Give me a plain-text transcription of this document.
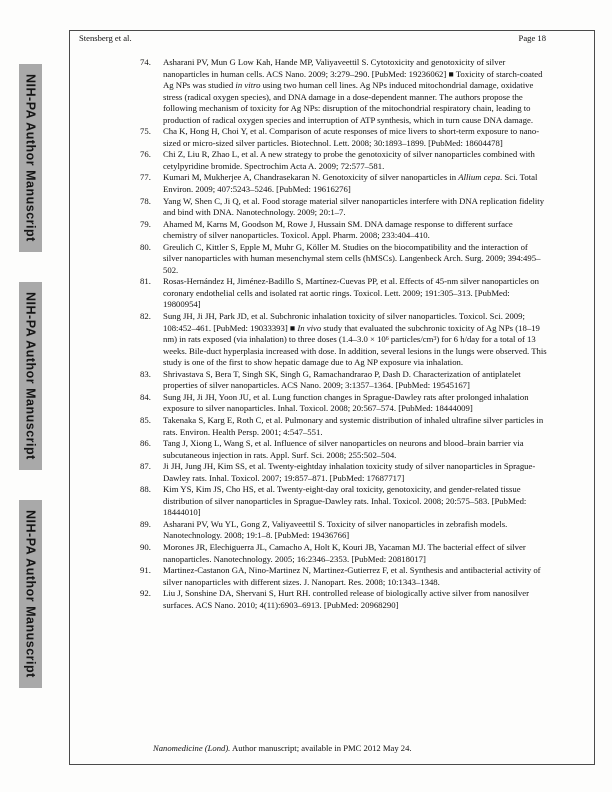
NIH-PA Author Manuscript
NIH-PA Author Manuscript
NIH-PA Author Manuscript
Stensberg et al.	Page 18
74. Asharani PV, Mun G Low Kah, Hande MP, Valiyaveettil S. Cytotoxicity and genotoxicity of silver nanoparticles in human cells. ACS Nano. 2009; 3:279–290. [PubMed: 19236062] ■ Toxicity of starch-coated Ag NPs was studied in vitro using two human cell lines. Ag NPs induced mitochondrial damage, oxidative stress (radical oxygen species), and DNA damage in a dose-dependent manner. The authors propose the following mechanism of toxicity for Ag NPs: disruption of the mitochondrial respiratory chain, leading to production of radical oxygen species and interruption of ATP synthesis, which in turn cause DNA damage.
75. Cha K, Hong H, Choi Y, et al. Comparison of acute responses of mice livers to short-term exposure to nano-sized or micro-sized silver particles. Biotechnol. Lett. 2008; 30:1893–1899. [PubMed: 18604478]
76. Chi Z, Liu R, Zhao L, et al. A new strategy to probe the genotoxicity of silver nanoparticles combined with cetylpyridine bromide. Spectrochim Acta A. 2009; 72:577–581.
77. Kumari M, Mukherjee A, Chandrasekaran N. Genotoxicity of silver nanoparticles in Allium cepa. Sci. Total Environ. 2009; 407:5243–5246. [PubMed: 19616276]
78. Yang W, Shen C, Ji Q, et al. Food storage material silver nanoparticles interfere with DNA replication fidelity and bind with DNA. Nanotechnology. 2009; 20:1–7.
79. Ahamed M, Karns M, Goodson M, Rowe J, Hussain SM. DNA damage response to different surface chemistry of silver nanoparticles. Toxicol. Appl. Pharm. 2008; 233:404–410.
80. Greulich C, Kittler S, Epple M, Muhr G, Köller M. Studies on the biocompatibility and the interaction of silver nanoparticles with human mesenchymal stem cells (hMSCs). Langenbeck Arch. Surg. 2009; 394:495–502.
81. Rosas-Hernández H, Jiménez-Badillo S, Martínez-Cuevas PP, et al. Effects of 45-nm silver nanoparticles on coronary endothelial cells and isolated rat aortic rings. Toxicol. Lett. 2009; 191:305–313. [PubMed: 19800954]
82. Sung JH, Ji JH, Park JD, et al. Subchronic inhalation toxicity of silver nanoparticles. Toxicol. Sci. 2009; 108:452–461. [PubMed: 19033393] ■ In vivo study that evaluated the subchronic toxicity of Ag NPs (18–19 nm) in rats exposed (via inhalation) to three doses ($1.4-3.0 \times 10^6$ particles/$cm^3$) for 6 h/day for a total of 13 weeks. Bile-duct hyperplasia increased with dose. In addition, several lesions in the lungs were observed. This study is one of the first to show hepatic damage due to Ag NP exposure via inhalation.
83. Shrivastava S, Bera T, Singh SK, Singh G, Ramachandrarao P, Dash D. Characterization of antiplatelet properties of silver nanoparticles. ACS Nano. 2009; 3:1357–1364. [PubMed: 19545167]
84. Sung JH, Ji JH, Yoon JU, et al. Lung function changes in Sprague-Dawley rats after prolonged inhalation exposure to silver nanoparticles. Inhal. Toxicol. 2008; 20:567–574. [PubMed: 18444009]
85. Takenaka S, Karg E, Roth C, et al. Pulmonary and systemic distribution of inhaled ultrafine silver particles in rats. Environ. Health Persp. 2001; 4:547–551.
86. Tang J, Xiong L, Wang S, et al. Influence of silver nanoparticles on neurons and blood–brain barrier via subcutaneous injection in rats. Appl. Surf. Sci. 2008; 255:502–504.
87. Ji JH, Jung JH, Kim SS, et al. Twenty-eightday inhalation toxicity study of silver nanoparticles in Sprague-Dawley rats. Inhal. Toxicol. 2007; 19:857–871. [PubMed: 17687717]
88. Kim YS, Kim JS, Cho HS, et al. Twenty-eight-day oral toxicity, genotoxicity, and gender-related tissue distribution of silver nanoparticles in Sprague-Dawley rats. Inhal. Toxicol. 2008; 20:575–583. [PubMed: 18444010]
89. Asharani PV, Wu YL, Gong Z, Valiyaveettil S. Toxicity of silver nanoparticles in zebrafish models. Nanotechnology. 2008; 19:1–8. [PubMed: 19436766]
90. Morones JR, Elechiguerra JL, Camacho A, Holt K, Kouri JB, Yacaman MJ. The bacterial effect of silver nanoparticles. Nanotechnology. 2005; 16:2346–2353. [PubMed: 20818017]
91. Martinez-Castanon GA, Nino-Martinez N, Martinez-Gutierrez F, et al. Synthesis and antibacterial activity of silver nanoparticles with different sizes. J. Nanopart. Res. 2008; 10:1343–1348.
92. Liu J, Sonshine DA, Shervani S, Hurt RH. controlled release of biologically active silver from nanosilver surfaces. ACS Nano. 2010; 4(11):6903–6913. [PubMed: 20968290]
Nanomedicine (Lond). Author manuscript; available in PMC 2012 May 24.
